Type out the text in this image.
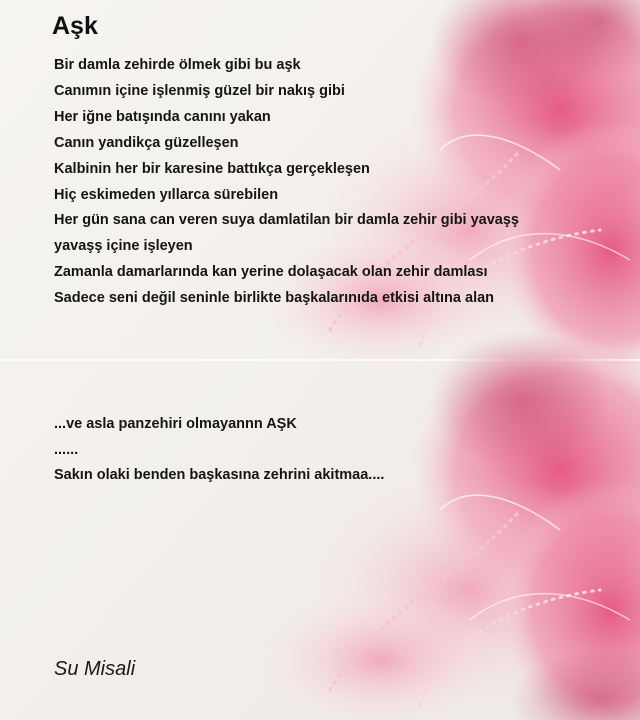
Aşk
Bir damla zehirde ölmek gibi bu aşk
Canımın içine işlenmiş güzel bir nakış gibi
Her iğne batışında canını yakan
Canın yandikça güzelleşen
Kalbinin her bir karesine battıkça gerçekleşen
Hiç eskimeden yıllarca sürebilen
Her gün sana can veren suya damlatilan bir damla zehir gibi yavaşş
yavaşş içine işleyen
Zamanla damarlarında kan yerine dolaşacak olan zehir damlası
Sadece seni değil seninle birlikte başkalarınıda etkisi altına alan
...ve asla panzehiri olmayannn AŞK
......
Sakın olaki benden başkasına zehrini akitmaa....
Su Misali
